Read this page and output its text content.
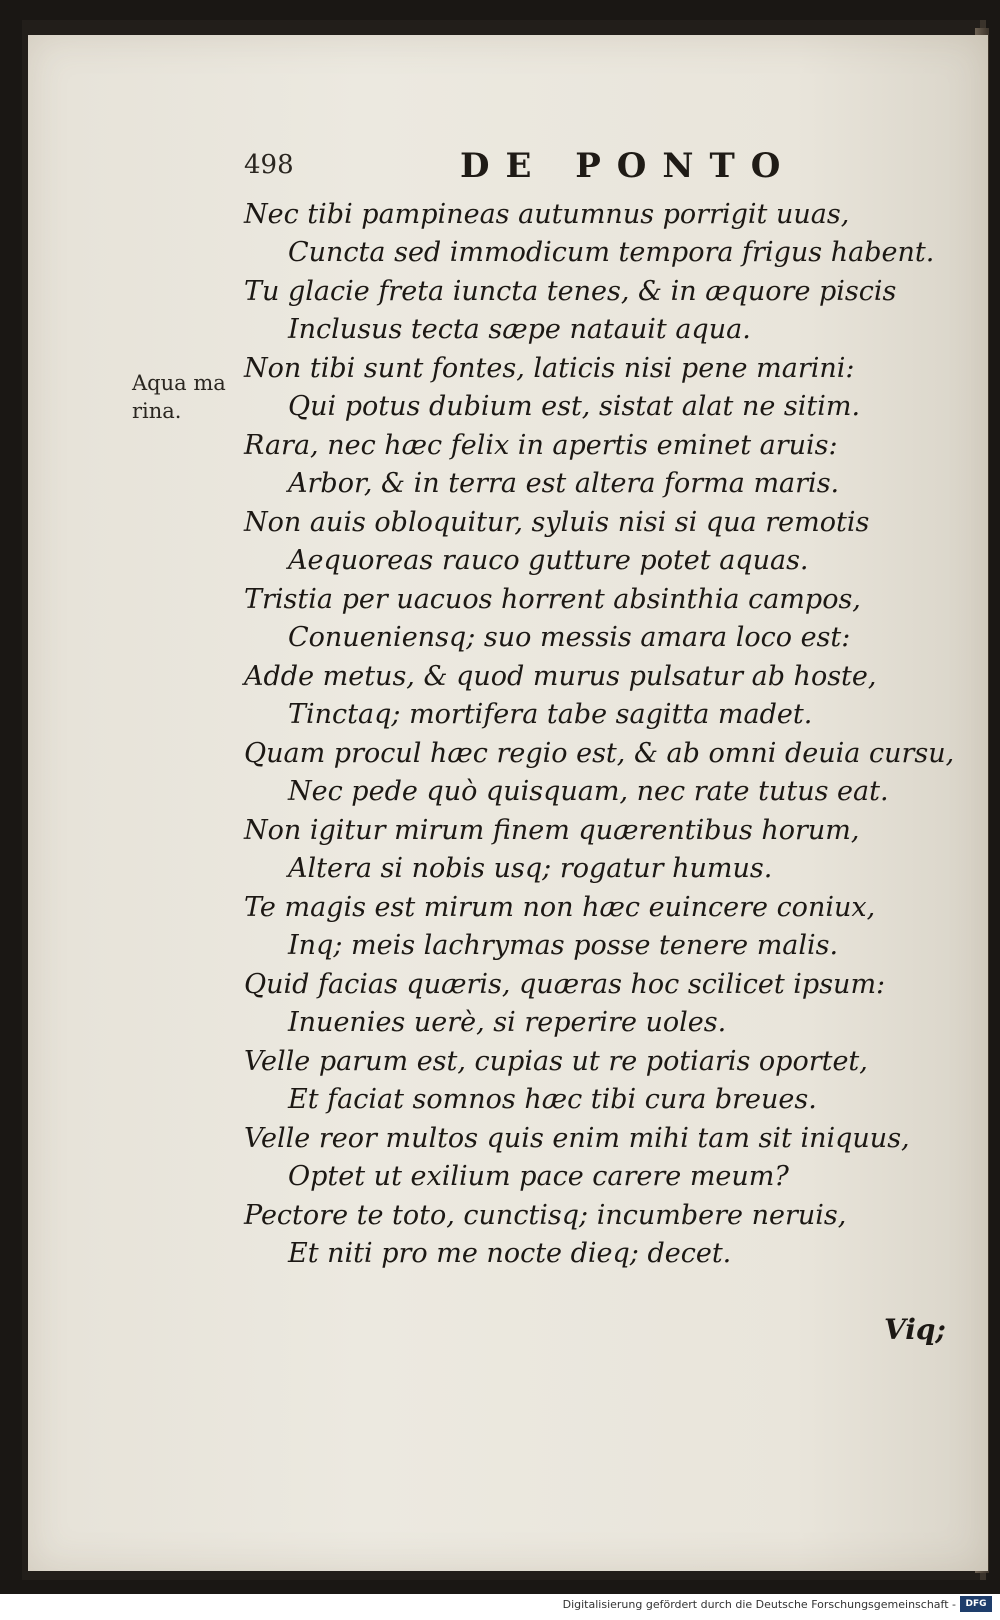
498	DE PONTO
Aqua ma
rina.
Nec tibi pampineas autumnus porrigit uuas,
Cuncta sed immodicum tempora frigus habent.
Tu glacie freta iuncta tenes, & in æquore piscis
Inclusus tecta sæpe natauit aqua.
Non tibi sunt fontes, laticis nisi pene marini:
Qui potus dubium est, sistat alat ne sitim.
Rara, nec hæc felix in apertis eminet aruis:
Arbor, & in terra est altera forma maris.
Non auis obloquitur, syluis nisi si qua remotis
Aequoreas rauco gutture potet aquas.
Tristia per uacuos horrent absinthia campos,
Conueniensq; suo messis amara loco est:
Adde metus, & quod murus pulsatur ab hoste,
Tinctaq; mortifera tabe sagitta madet.
Quam procul hæc regio est, & ab omni deuia cursu,
Nec pede quò quisquam, nec rate tutus eat.
Non igitur mirum finem quærentibus horum,
Altera si nobis usq; rogatur humus.
Te magis est mirum non hæc euincere coniux,
Inq; meis lachrymas posse tenere malis.
Quid facias quæris, quæras hoc scilicet ipsum:
Inuenies uerè, si reperire uoles.
Velle parum est, cupias ut re potiaris oportet,
Et faciat somnos hæc tibi cura breues.
Velle reor multos quis enim mihi tam sit iniquus,
Optet ut exilium pace carere meum?
Pectore te toto, cunctisq; incumbere neruis,
Et niti pro me nocte dieq; decet.
Viq;
Digitalisierung gefördert durch die Deutsche Forschungsgemeinschaft -	DFG
